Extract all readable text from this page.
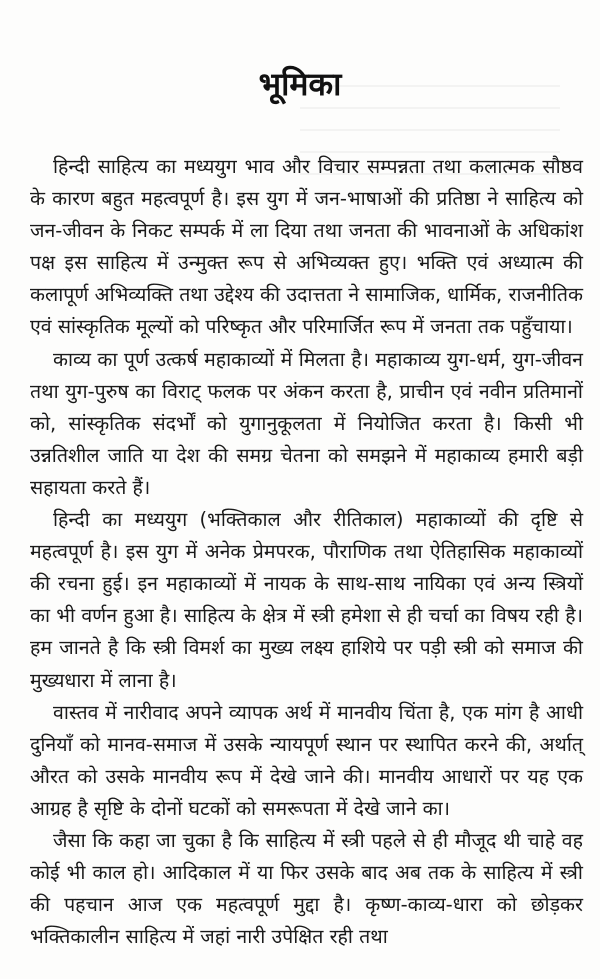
भूमिका

हिन्दी साहित्य का मध्ययुग भाव और विचार सम्पन्नता तथा कलात्मक सौष्ठव के कारण बहुत महत्वपूर्ण है। इस युग में जन-भाषाओं की प्रतिष्ठा ने साहित्य को जन-जीवन के निकट सम्पर्क में ला दिया तथा जनता की भावनाओं के अधिकांश पक्ष इस साहित्य में उन्मुक्त रूप से अभिव्यक्त हुए। भक्ति एवं अध्यात्म की कलापूर्ण अभिव्यक्ति तथा उद्देश्य की उदात्तता ने सामाजिक, धार्मिक, राजनीतिक एवं सांस्कृतिक मूल्यों को परिष्कृत और परिमार्जित रूप में जनता तक पहुँचाया।

काव्य का पूर्ण उत्कर्ष महाकाव्यों में मिलता है। महाकाव्य युग-धर्म, युग-जीवन तथा युग-पुरुष का विराट् फलक पर अंकन करता है, प्राचीन एवं नवीन प्रतिमानों को, सांस्कृतिक संदर्भों को युगानुकूलता में नियोजित करता है। किसी भी उन्नतिशील जाति या देश की समग्र चेतना को समझने में महाकाव्य हमारी बड़ी सहायता करते हैं।

हिन्दी का मध्ययुग (भक्तिकाल और रीतिकाल) महाकाव्यों की दृष्टि से महत्वपूर्ण है। इस युग में अनेक प्रेमपरक, पौराणिक तथा ऐतिहासिक महाकाव्यों की रचना हुई। इन महाकाव्यों में नायक के साथ-साथ नायिका एवं अन्य स्त्रियों का भी वर्णन हुआ है। साहित्य के क्षेत्र में स्त्री हमेशा से ही चर्चा का विषय रही है। हम जानते है कि स्त्री विमर्श का मुख्य लक्ष्य हाशिये पर पड़ी स्त्री को समाज की मुख्यधारा में लाना है।

वास्तव में नारीवाद अपने व्यापक अर्थ में मानवीय चिंता है, एक मांग है आधी दुनियाँ को मानव-समाज में उसके न्यायपूर्ण स्थान पर स्थापित करने की, अर्थात् औरत को उसके मानवीय रूप में देखे जाने की। मानवीय आधारों पर यह एक आग्रह है सृष्टि के दोनों घटकों को समरूपता में देखे जाने का।

जैसा कि कहा जा चुका है कि साहित्य में स्त्री पहले से ही मौजूद थी चाहे वह कोई भी काल हो। आदिकाल में या फिर उसके बाद अब तक के साहित्य में स्त्री की पहचान आज एक महत्वपूर्ण मुद्दा है। कृष्ण-काव्य-धारा को छोड़कर भक्तिकालीन साहित्य में जहां नारी उपेक्षित रही तथा
